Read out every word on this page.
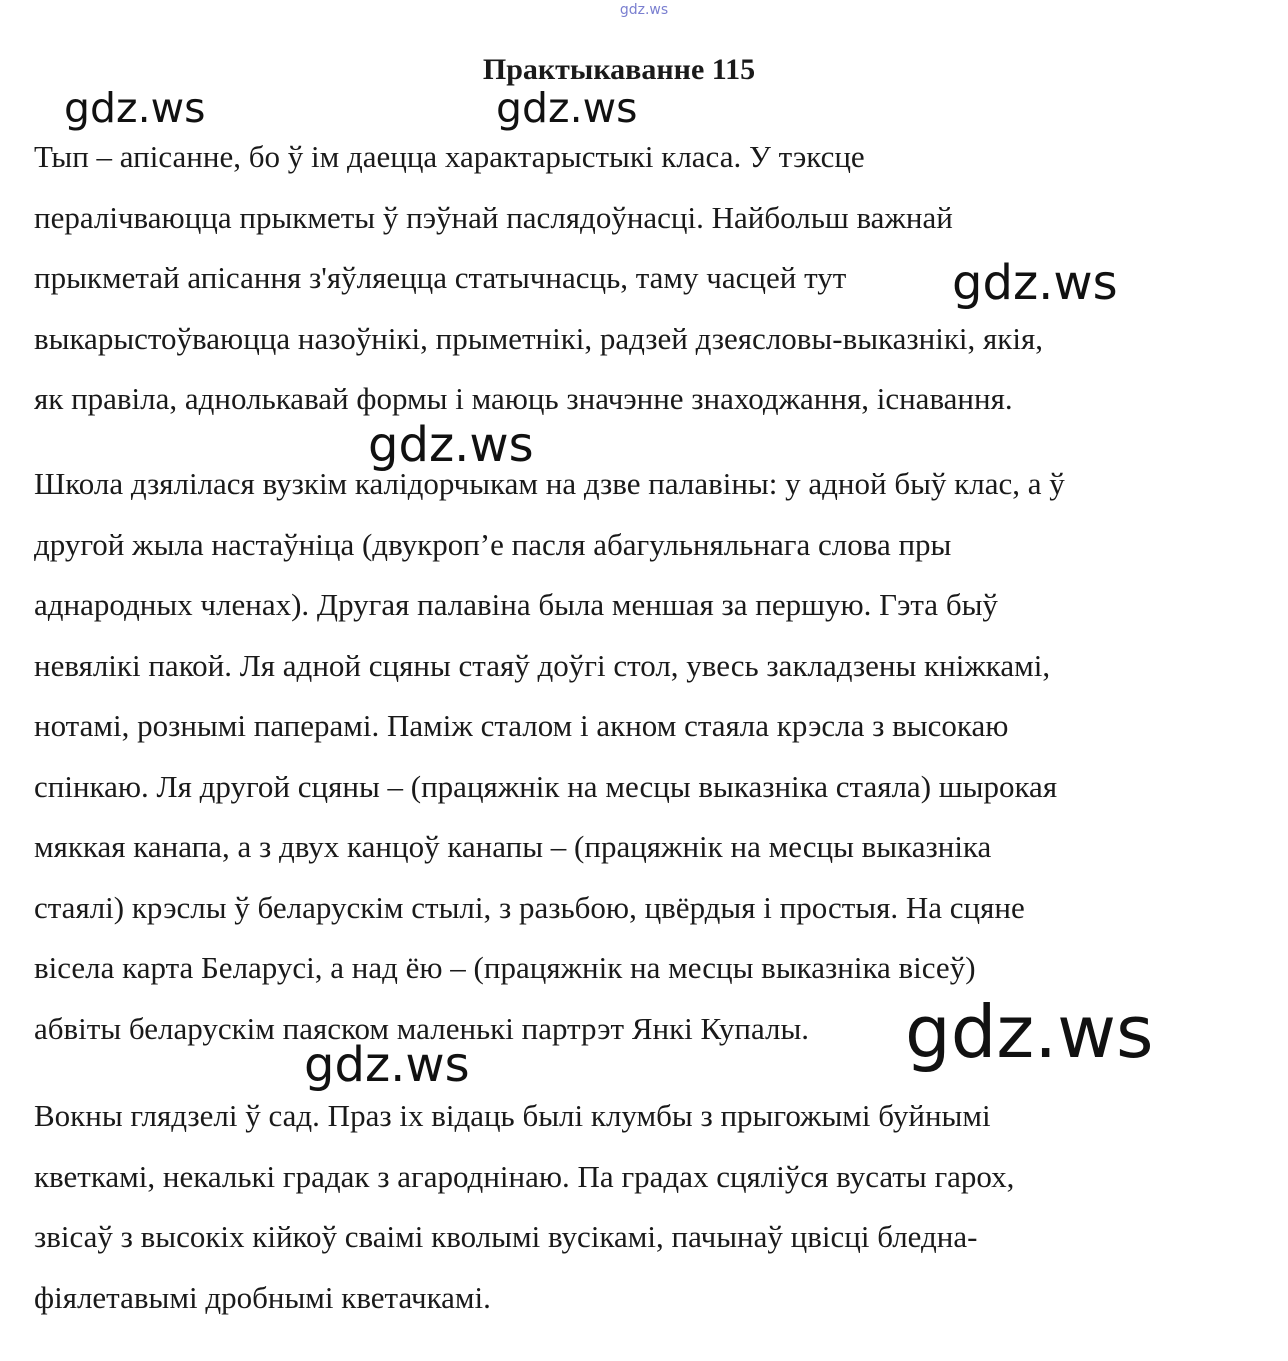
gdz.ws
Практыкаванне 115
Тып – апісанне, бо ў ім даецца характарыстыкі класа. У тэксце
пералічваюцца прыкметы ў пэўнай паслядоўнасці. Найбольш важнай
прыкметай апісання з'яўляецца статычнасць, таму часцей тут
выкарыстоўваюцца назоўнікі, прыметнікі, радзей дзеясловы-выказнікі, якія,
як правіла, аднолькавай формы і маюць значэнне знаходжання, існавання.
Школа дзялілася вузкім калідорчыкам на дзве палавіны: у адной быў клас, а ў
другой жыла настаўніца (двукроп’е пасля абагульняльнага слова пры
аднародных членах). Другая палавіна была меншая за першую. Гэта быў
невялікі пакой. Ля адной сцяны стаяў доўгі стол, увесь закладзены кніжкамі,
нотамі, рознымі паперамі. Паміж сталом і акном стаяла крэсла з высокаю
спінкаю. Ля другой сцяны – (працяжнік на месцы выказніка стаяла) шырокая
мяккая канапа, а з двух канцоў канапы – (працяжнік на месцы выказніка
стаялі) крэслы ў беларускім стылі, з разьбою, цвёрдыя і простыя. На сцяне
вісела карта Беларусі, а над ёю – (працяжнік на месцы выказніка вісеў)
абвіты беларускім паяском маленькі партрэт Янкі Купалы.
Вокны глядзелі ў сад. Праз іх відаць былі клумбы з прыгожымі буйнымі
кветкамі, некалькі градак з агароднінаю. Па градах сцяліўся вусаты гарох,
звісаў з высокіх кійкоў сваімі кволымі вусікамі, пачынаў цвісці бледна-
фіялетавымі дробнымі кветачкамі.
gdz.ws	gdz.ws
gdz.ws
gdz.ws
gdz.ws
gdz.ws
